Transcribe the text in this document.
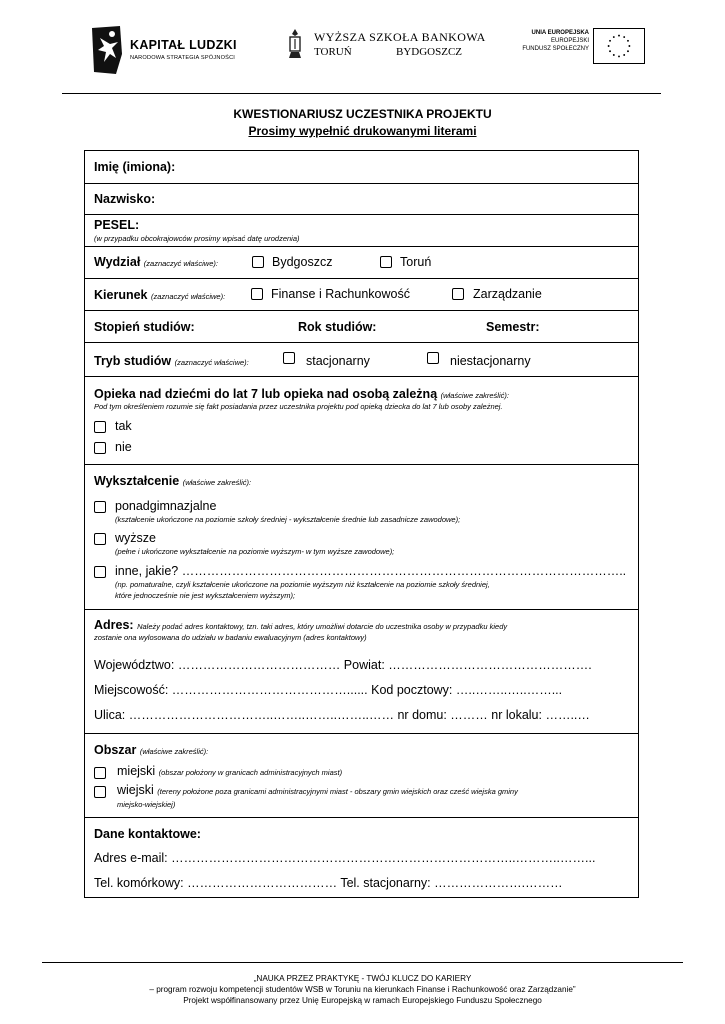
KAPITAŁ LUDZKI
NARODOWA STRATEGIA SPÓJNOŚCI
WYŻSZA SZKOŁA BANKOWA
TORUŃ	BYDGOSZCZ
UNIA EUROPEJSKA
EUROPEJSKI
FUNDUSZ SPOŁECZNY
KWESTIONARIUSZ UCZESTNIKA PROJEKTU
Prosimy wypełnić drukowanymi literami
Imię (imiona):
Nazwisko:
PESEL:
(w przypadku obcokrajowców prosimy wpisać datę urodzenia)
Wydział (zaznaczyć właściwe):	Bydgoszcz	Toruń
Kierunek (zaznaczyć właściwe):	Finanse i Rachunkowość	Zarządzanie
Stopień studiów:	Rok studiów:	Semestr:
Tryb studiów (zaznaczyć właściwe):	stacjonarny	niestacjonarny
Opieka nad dziećmi do lat 7 lub opieka nad osobą zależną (właściwe zakreślić):
Pod tym określeniem rozumie się fakt posiadania przez uczestnika projektu pod opieką dziecka do lat 7 lub osoby zależnej.
tak
nie
Wykształcenie (właściwe zakreślić):
ponadgimnazjalne
(kształcenie ukończone na poziomie szkoły średniej - wykształcenie średnie lub zasadnicze zawodowe);
wyższe
(pełne i ukończone wykształcenie na poziomie wyższym- w tym wyższe zawodowe);
inne, jakie? ……………………………………………………………………………………………..
(np. pomaturalne, czyli kształcenie ukończone na poziomie wyższym niż kształcenie na poziomie szkoły średniej,
które jednocześnie nie jest wykształceniem wyższym);
Adres: Należy podać adres kontaktowy, tzn. taki adres, który umożliwi dotarcie do uczestnika osoby w przypadku kiedy
zostanie ona wylosowana do udziału w badaniu ewaluacyjnym (adres kontaktowy)
Województwo: ………………………………… Powiat: ………………………………………….
Miejscowość: ……………………………………...... Kod pocztowy: …..……..…..……...
Ulica: ……………………………..……..……..……..…… nr domu: ……… nr lokalu: ……..…
Obszar (właściwe zakreślić):
miejski (obszar położony w granicach administracyjnych miast)
wiejski (tereny położone poza granicami administracyjnymi miast - obszary gmin wiejskich oraz cześć wiejska gminy
miejsko-wiejskiej)
Dane kontaktowe:
Adres e-mail: ………………………………………………………………………..………..……...
Tel. komórkowy: ……………………………… Tel. stacjonarny: ………………….………
„NAUKA PRZEZ PRAKTYKĘ - TWÓJ KLUCZ DO KARIERY
– program rozwoju kompetencji studentów WSB w Toruniu na kierunkach Finanse i Rachunkowość oraz Zarządzanie”
Projekt współfinansowany przez Unię Europejską w ramach Europejskiego Funduszu Społecznego
